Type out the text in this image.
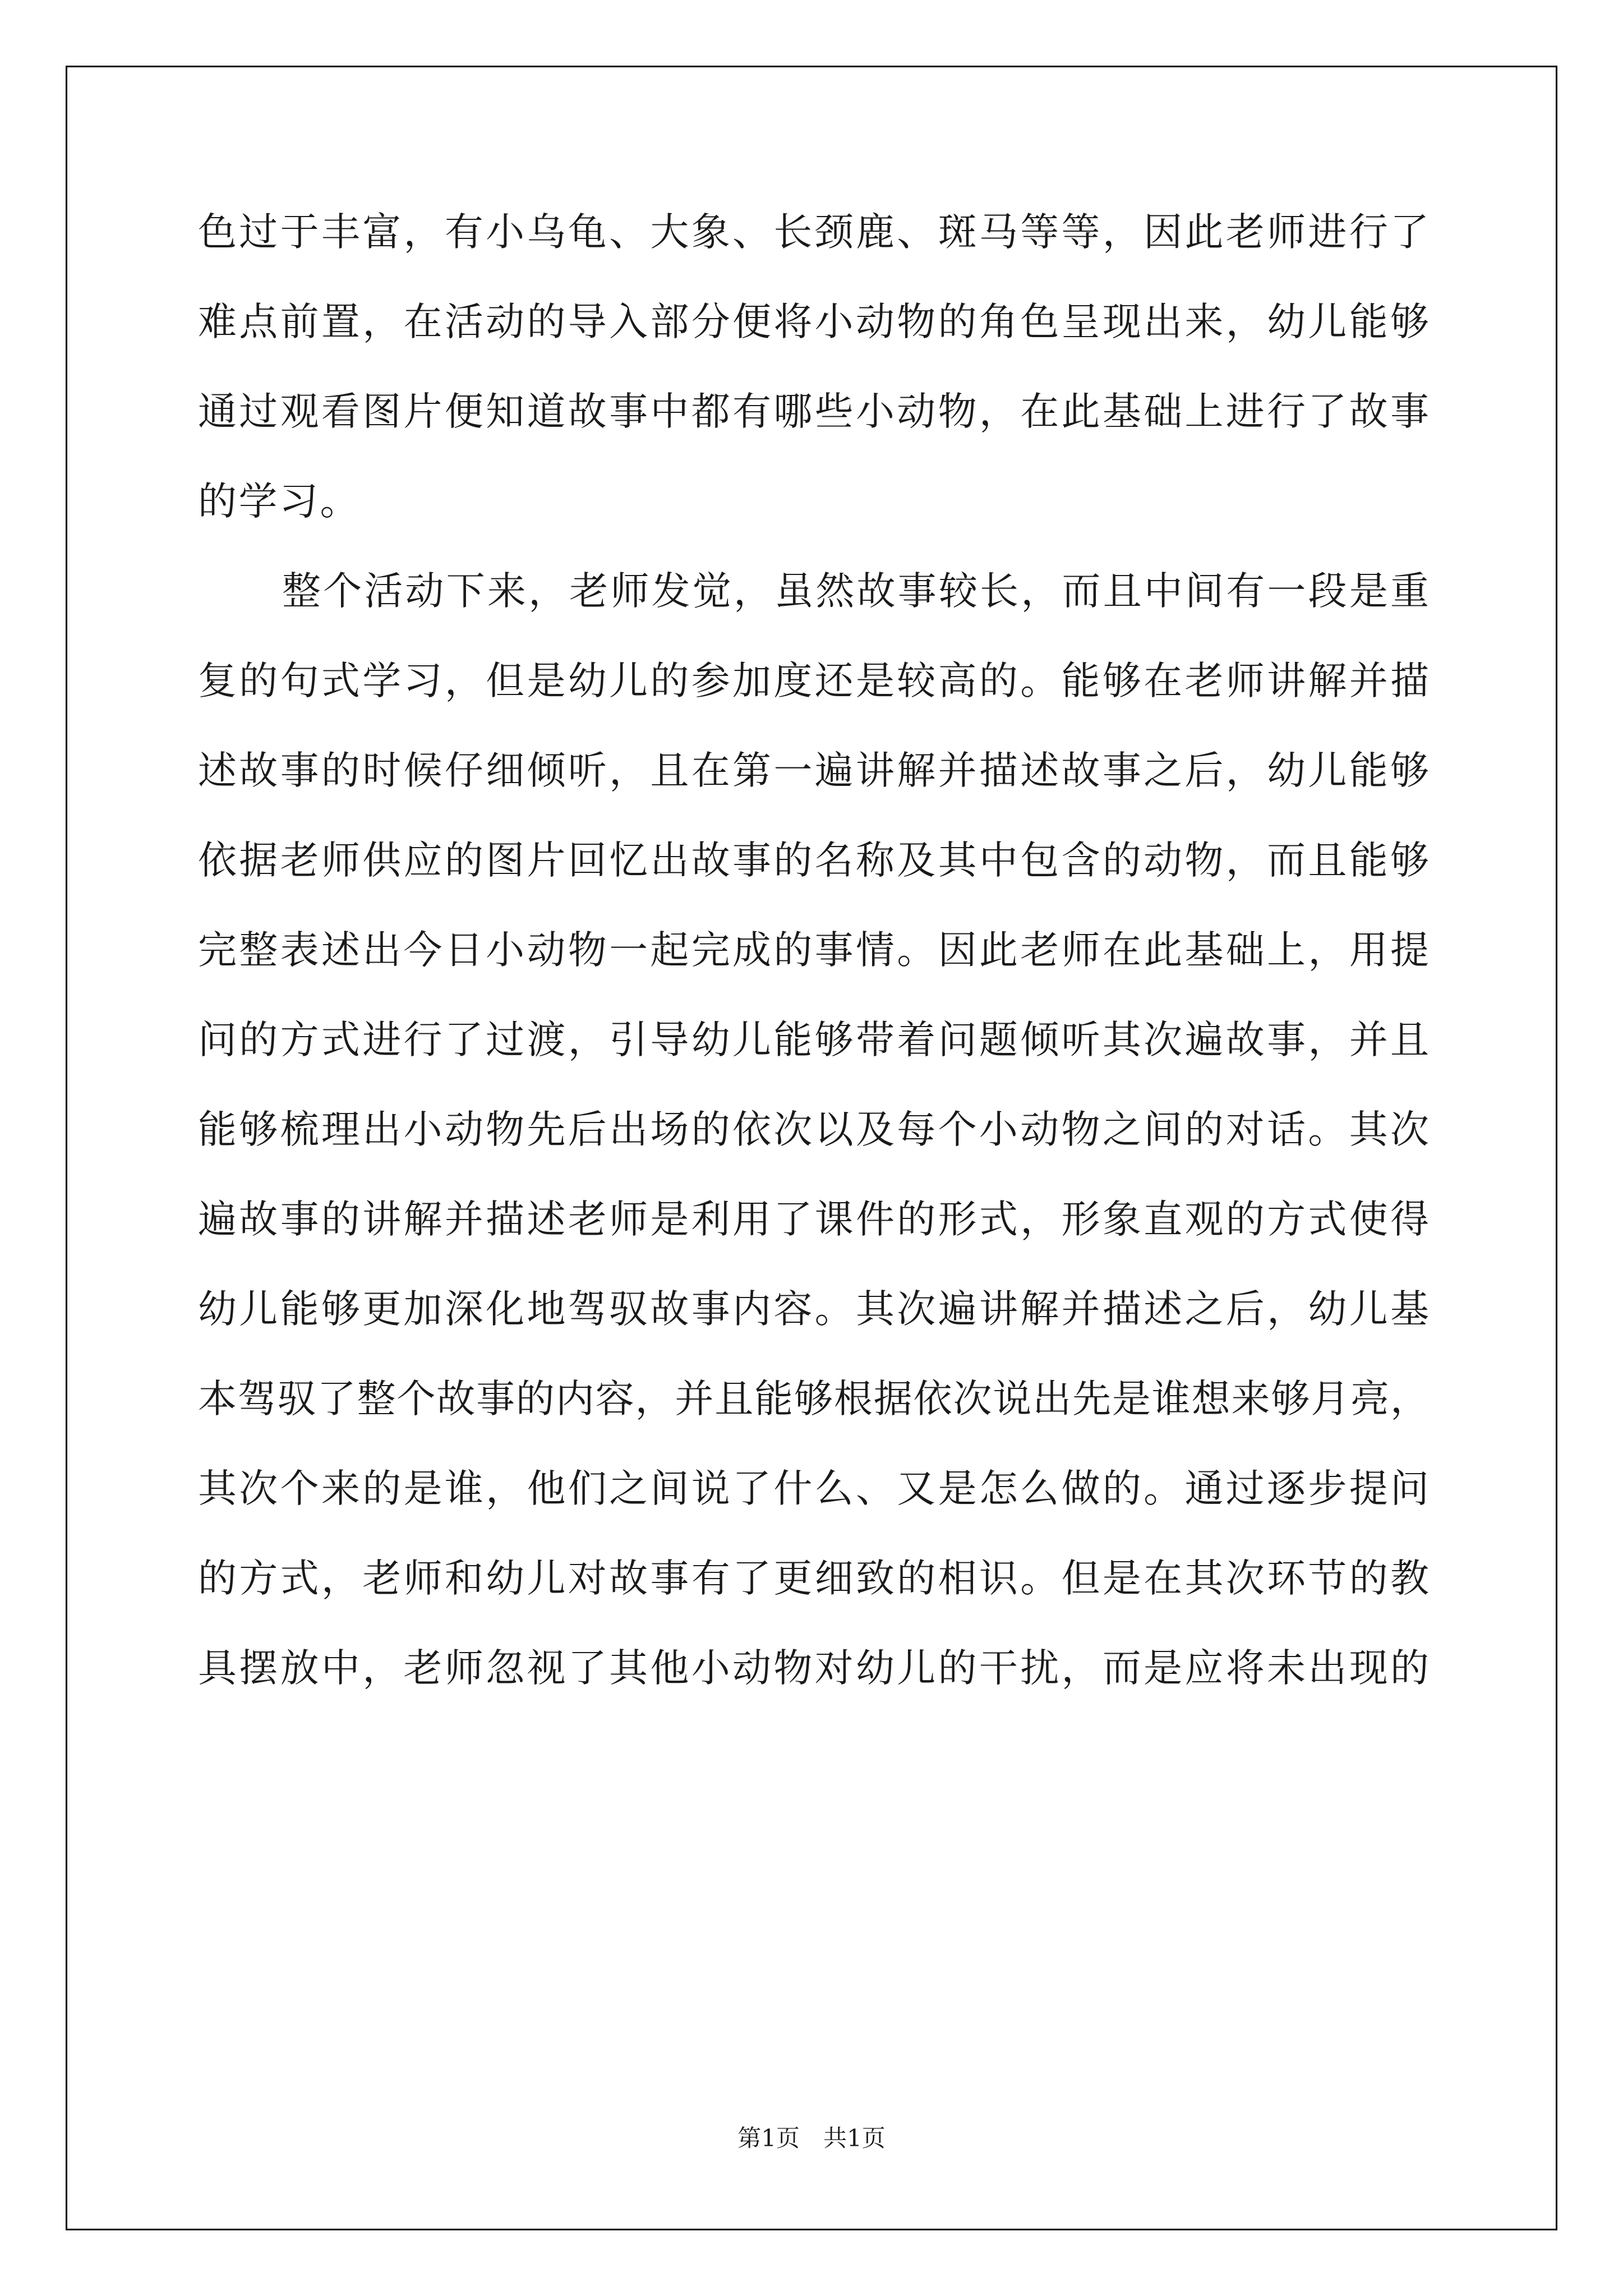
色过于丰富，有小乌龟、大象、长颈鹿、斑马等等，因此老师进行了
难点前置，在活动的导入部分便将小动物的角色呈现出来，幼儿能够
通过观看图片便知道故事中都有哪些小动物，在此基础上进行了故事
的学习。
整个活动下来，老师发觉，虽然故事较长，而且中间有一段是重
复的句式学习，但是幼儿的参加度还是较高的。能够在老师讲解并描
述故事的时候仔细倾听，且在第一遍讲解并描述故事之后，幼儿能够
依据老师供应的图片回忆出故事的名称及其中包含的动物，而且能够
完整表述出今日小动物一起完成的事情。因此老师在此基础上，用提
问的方式进行了过渡，引导幼儿能够带着问题倾听其次遍故事，并且
能够梳理出小动物先后出场的依次以及每个小动物之间的对话。其次
遍故事的讲解并描述老师是利用了课件的形式，形象直观的方式使得
幼儿能够更加深化地驾驭故事内容。其次遍讲解并描述之后，幼儿基
本驾驭了整个故事的内容，并且能够根据依次说出先是谁想来够月亮，
其次个来的是谁，他们之间说了什么、又是怎么做的。通过逐步提问
的方式，老师和幼儿对故事有了更细致的相识。但是在其次环节的教
具摆放中，老师忽视了其他小动物对幼儿的干扰，而是应将未出现的
第1页　共1页
